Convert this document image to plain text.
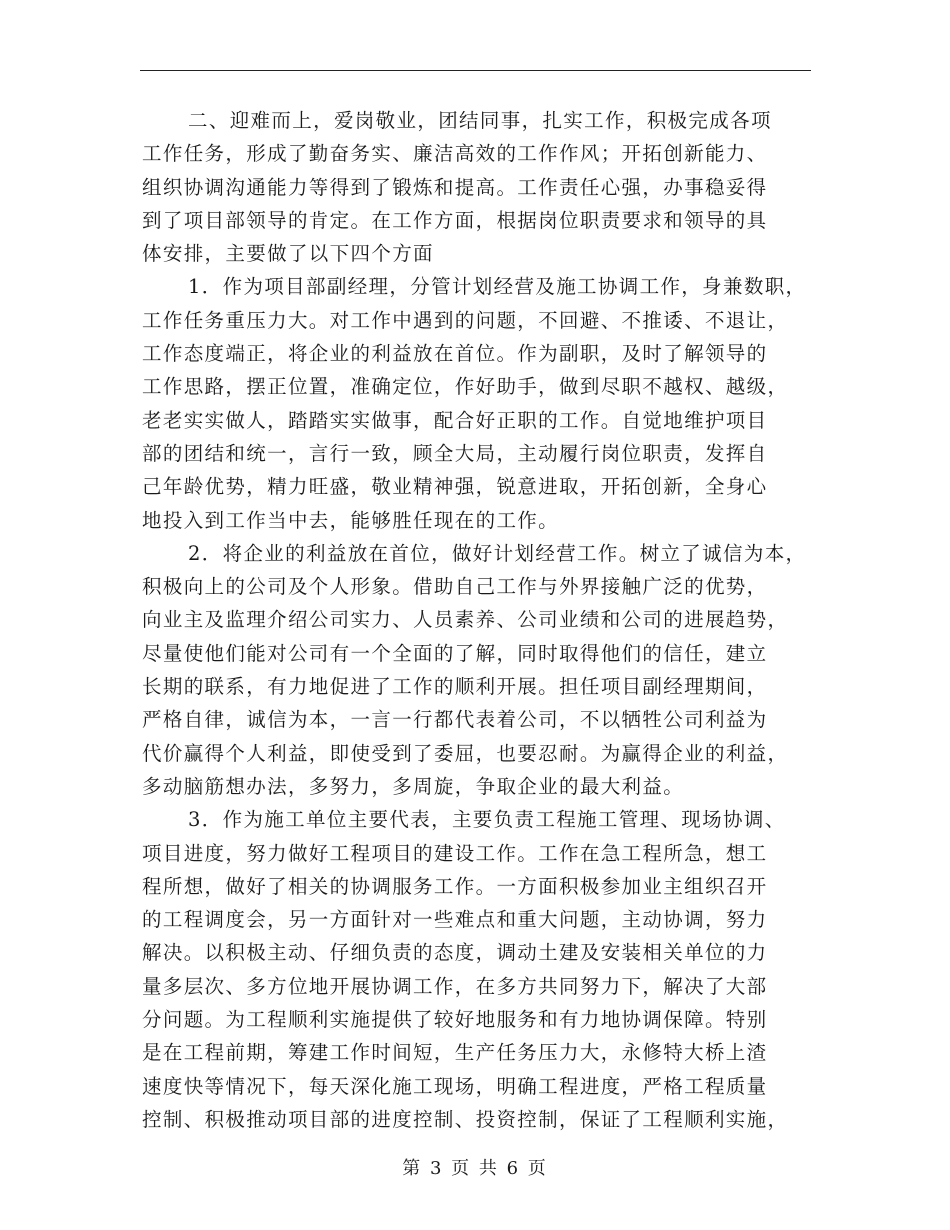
二、迎难而上，爱岗敬业，团结同事，扎实工作，积极完成各项
工作任务，形成了勤奋务实、廉洁高效的工作作风；开拓创新能力、
组织协调沟通能力等得到了锻炼和提高。工作责任心强，办事稳妥得
到了项目部领导的肯定。在工作方面，根据岗位职责要求和领导的具
体安排，主要做了以下四个方面
1．作为项目部副经理，分管计划经营及施工协调工作，身兼数职，
工作任务重压力大。对工作中遇到的问题，不回避、不推诿、不退让，
工作态度端正，将企业的利益放在首位。作为副职，及时了解领导的
工作思路，摆正位置，准确定位，作好助手，做到尽职不越权、越级，
老老实实做人，踏踏实实做事，配合好正职的工作。自觉地维护项目
部的团结和统一，言行一致，顾全大局，主动履行岗位职责，发挥自
己年龄优势，精力旺盛，敬业精神强，锐意进取，开拓创新，全身心
地投入到工作当中去，能够胜任现在的工作。
2．将企业的利益放在首位，做好计划经营工作。树立了诚信为本，
积极向上的公司及个人形象。借助自己工作与外界接触广泛的优势，
向业主及监理介绍公司实力、人员素养、公司业绩和公司的进展趋势，
尽量使他们能对公司有一个全面的了解，同时取得他们的信任，建立
长期的联系，有力地促进了工作的顺利开展。担任项目副经理期间，
严格自律，诚信为本，一言一行都代表着公司，不以牺牲公司利益为
代价赢得个人利益，即使受到了委屈，也要忍耐。为赢得企业的利益，
多动脑筋想办法，多努力，多周旋，争取企业的最大利益。
3．作为施工单位主要代表，主要负责工程施工管理、现场协调、
项目进度，努力做好工程项目的建设工作。工作在急工程所急，想工
程所想，做好了相关的协调服务工作。一方面积极参加业主组织召开
的工程调度会，另一方面针对一些难点和重大问题，主动协调，努力
解决。以积极主动、仔细负责的态度，调动土建及安装相关单位的力
量多层次、多方位地开展协调工作，在多方共同努力下，解决了大部
分问题。为工程顺利实施提供了较好地服务和有力地协调保障。特别
是在工程前期，筹建工作时间短，生产任务压力大，永修特大桥上渣
速度快等情况下，每天深化施工现场，明确工程进度，严格工程质量
控制、积极推动项目部的进度控制、投资控制，保证了工程顺利实施，
第 3 页 共 6 页
